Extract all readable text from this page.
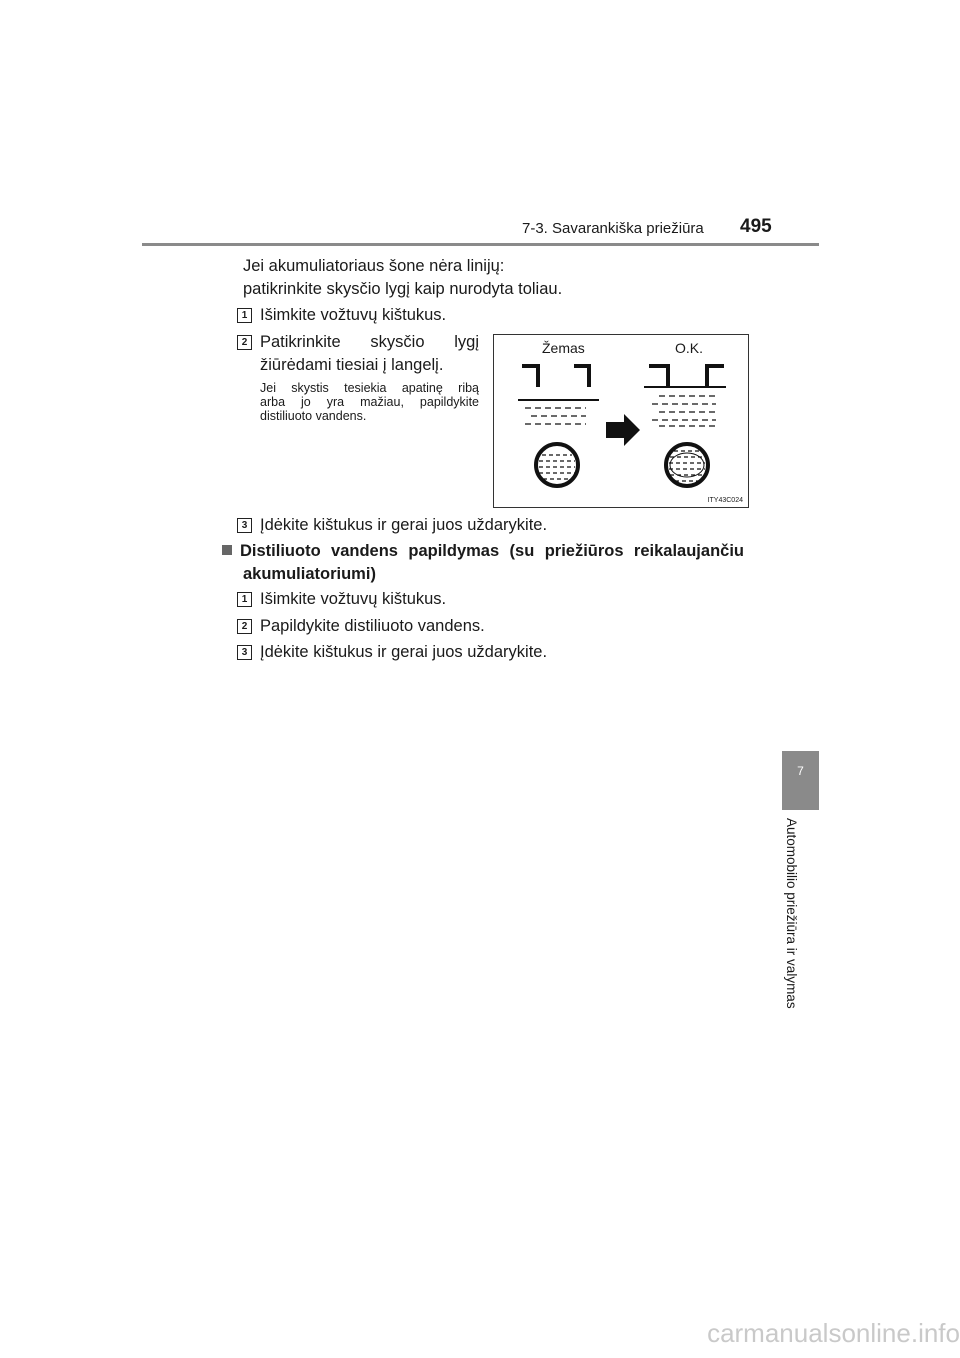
7-3. Savarankiška priežiūra 495
Jei akumuliatoriaus šone nėra linijų:
patikrinkite skysčio lygį kaip nurodyta toliau.
1 Išimkite vožtuvų kištukus.
2 Patikrinkite skysčio lygį
žiūrėdami tiesiai į langelį.
Jei skystis tesiekia apatinę ribą
arba jo yra mažiau, papildykite
distiliuoto vandens.
Žemas	O.K.
ITY43C024
3 Įdėkite kištukus ir gerai juos uždarykite.
Distiliuoto vandens papildymas (su priežiūros reikalaujančiu
akumuliatoriumi)
1 Išimkite vožtuvų kištukus.
2 Papildykite distiliuoto vandens.
3 Įdėkite kištukus ir gerai juos uždarykite.
7
Automobilio priežiūra ir valymas
carmanualsonline.info
